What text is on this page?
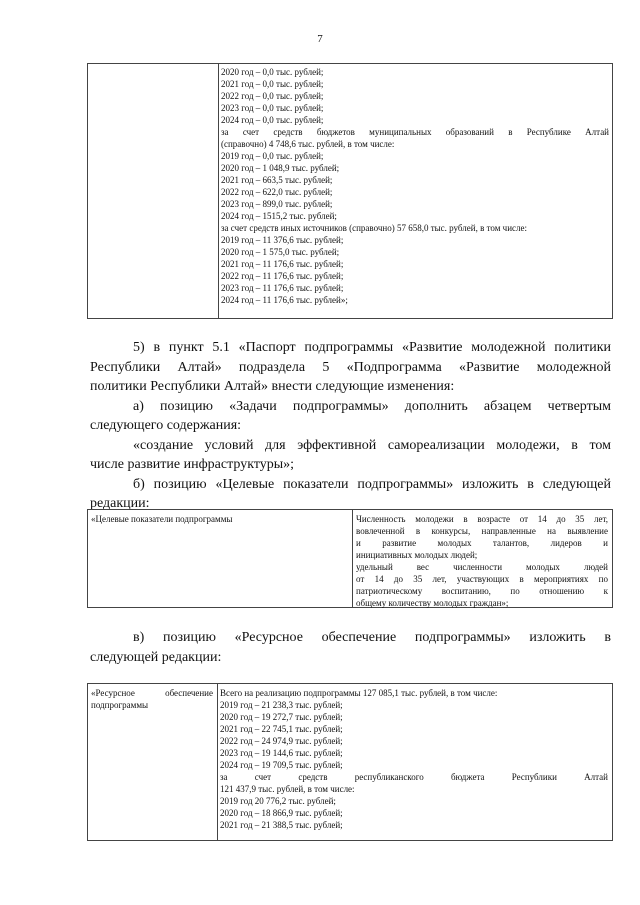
7
2020 год – 0,0 тыс. рублей;
2021 год – 0,0 тыс. рублей;
2022 год – 0,0 тыс. рублей;
2023 год – 0,0 тыс. рублей;
2024 год – 0,0 тыс. рублей;
за счет средств бюджетов муниципальных образований в Республике Алтай
(справочно) 4 748,6 тыс. рублей, в том числе:
2019 год – 0,0 тыс. рублей;
2020 год – 1 048,9 тыс. рублей;
2021 год – 663,5 тыс. рублей;
2022 год – 622,0 тыс. рублей;
2023 год – 899,0 тыс. рублей;
2024 год – 1515,2 тыс. рублей;
за счет средств иных источников (справочно) 57 658,0 тыс. рублей, в том числе:
2019 год – 11 376,6 тыс. рублей;
2020 год – 1 575,0 тыс. рублей;
2021 год – 11 176,6 тыс. рублей;
2022 год – 11 176,6 тыс. рублей;
2023 год – 11 176,6 тыс. рублей;
2024 год – 11 176,6 тыс. рублей»;
5) в пункт 5.1 «Паспорт подпрограммы «Развитие молодежной политики
Республики Алтай» подраздела 5 «Подпрограмма «Развитие молодежной
политики Республики Алтай» внести следующие изменения:
а) позицию «Задачи подпрограммы» дополнить абзацем четвертым
следующего содержания:
«создание условий для эффективной самореализации молодежи, в том
числе развитие инфраструктуры»;
б) позицию «Целевые показатели подпрограммы» изложить в следующей
редакции:
«Целевые показатели подпрограммы	Численность молодежи в возрасте от 14 до 35 лет,
вовлеченной в конкурсы, направленные на выявление
и развитие молодых талантов, лидеров и
инициативных молодых людей;
удельный вес численности молодых людей
от 14 до 35 лет, участвующих в мероприятиях по
патриотическому воспитанию, по отношению к
общему количеству молодых граждан»;
в) позицию «Ресурсное обеспечение подпрограммы» изложить в
следующей редакции:
«Ресурсное обеспечение
подпрограммы
Всего на реализацию подпрограммы 127 085,1 тыс. рублей, в том числе:
2019 год – 21 238,3 тыс. рублей;
2020 год – 19 272,7 тыс. рублей;
2021 год – 22 745,1 тыс. рублей;
2022 год – 24 974,9 тыс. рублей;
2023 год – 19 144,6 тыс. рублей;
2024 год – 19 709,5 тыс. рублей;
за счет средств республиканского бюджета Республики Алтай
121 437,9 тыс. рублей, в том числе:
2019 год 20 776,2 тыс. рублей;
2020 год – 18 866,9 тыс. рублей;
2021 год – 21 388,5 тыс. рублей;
